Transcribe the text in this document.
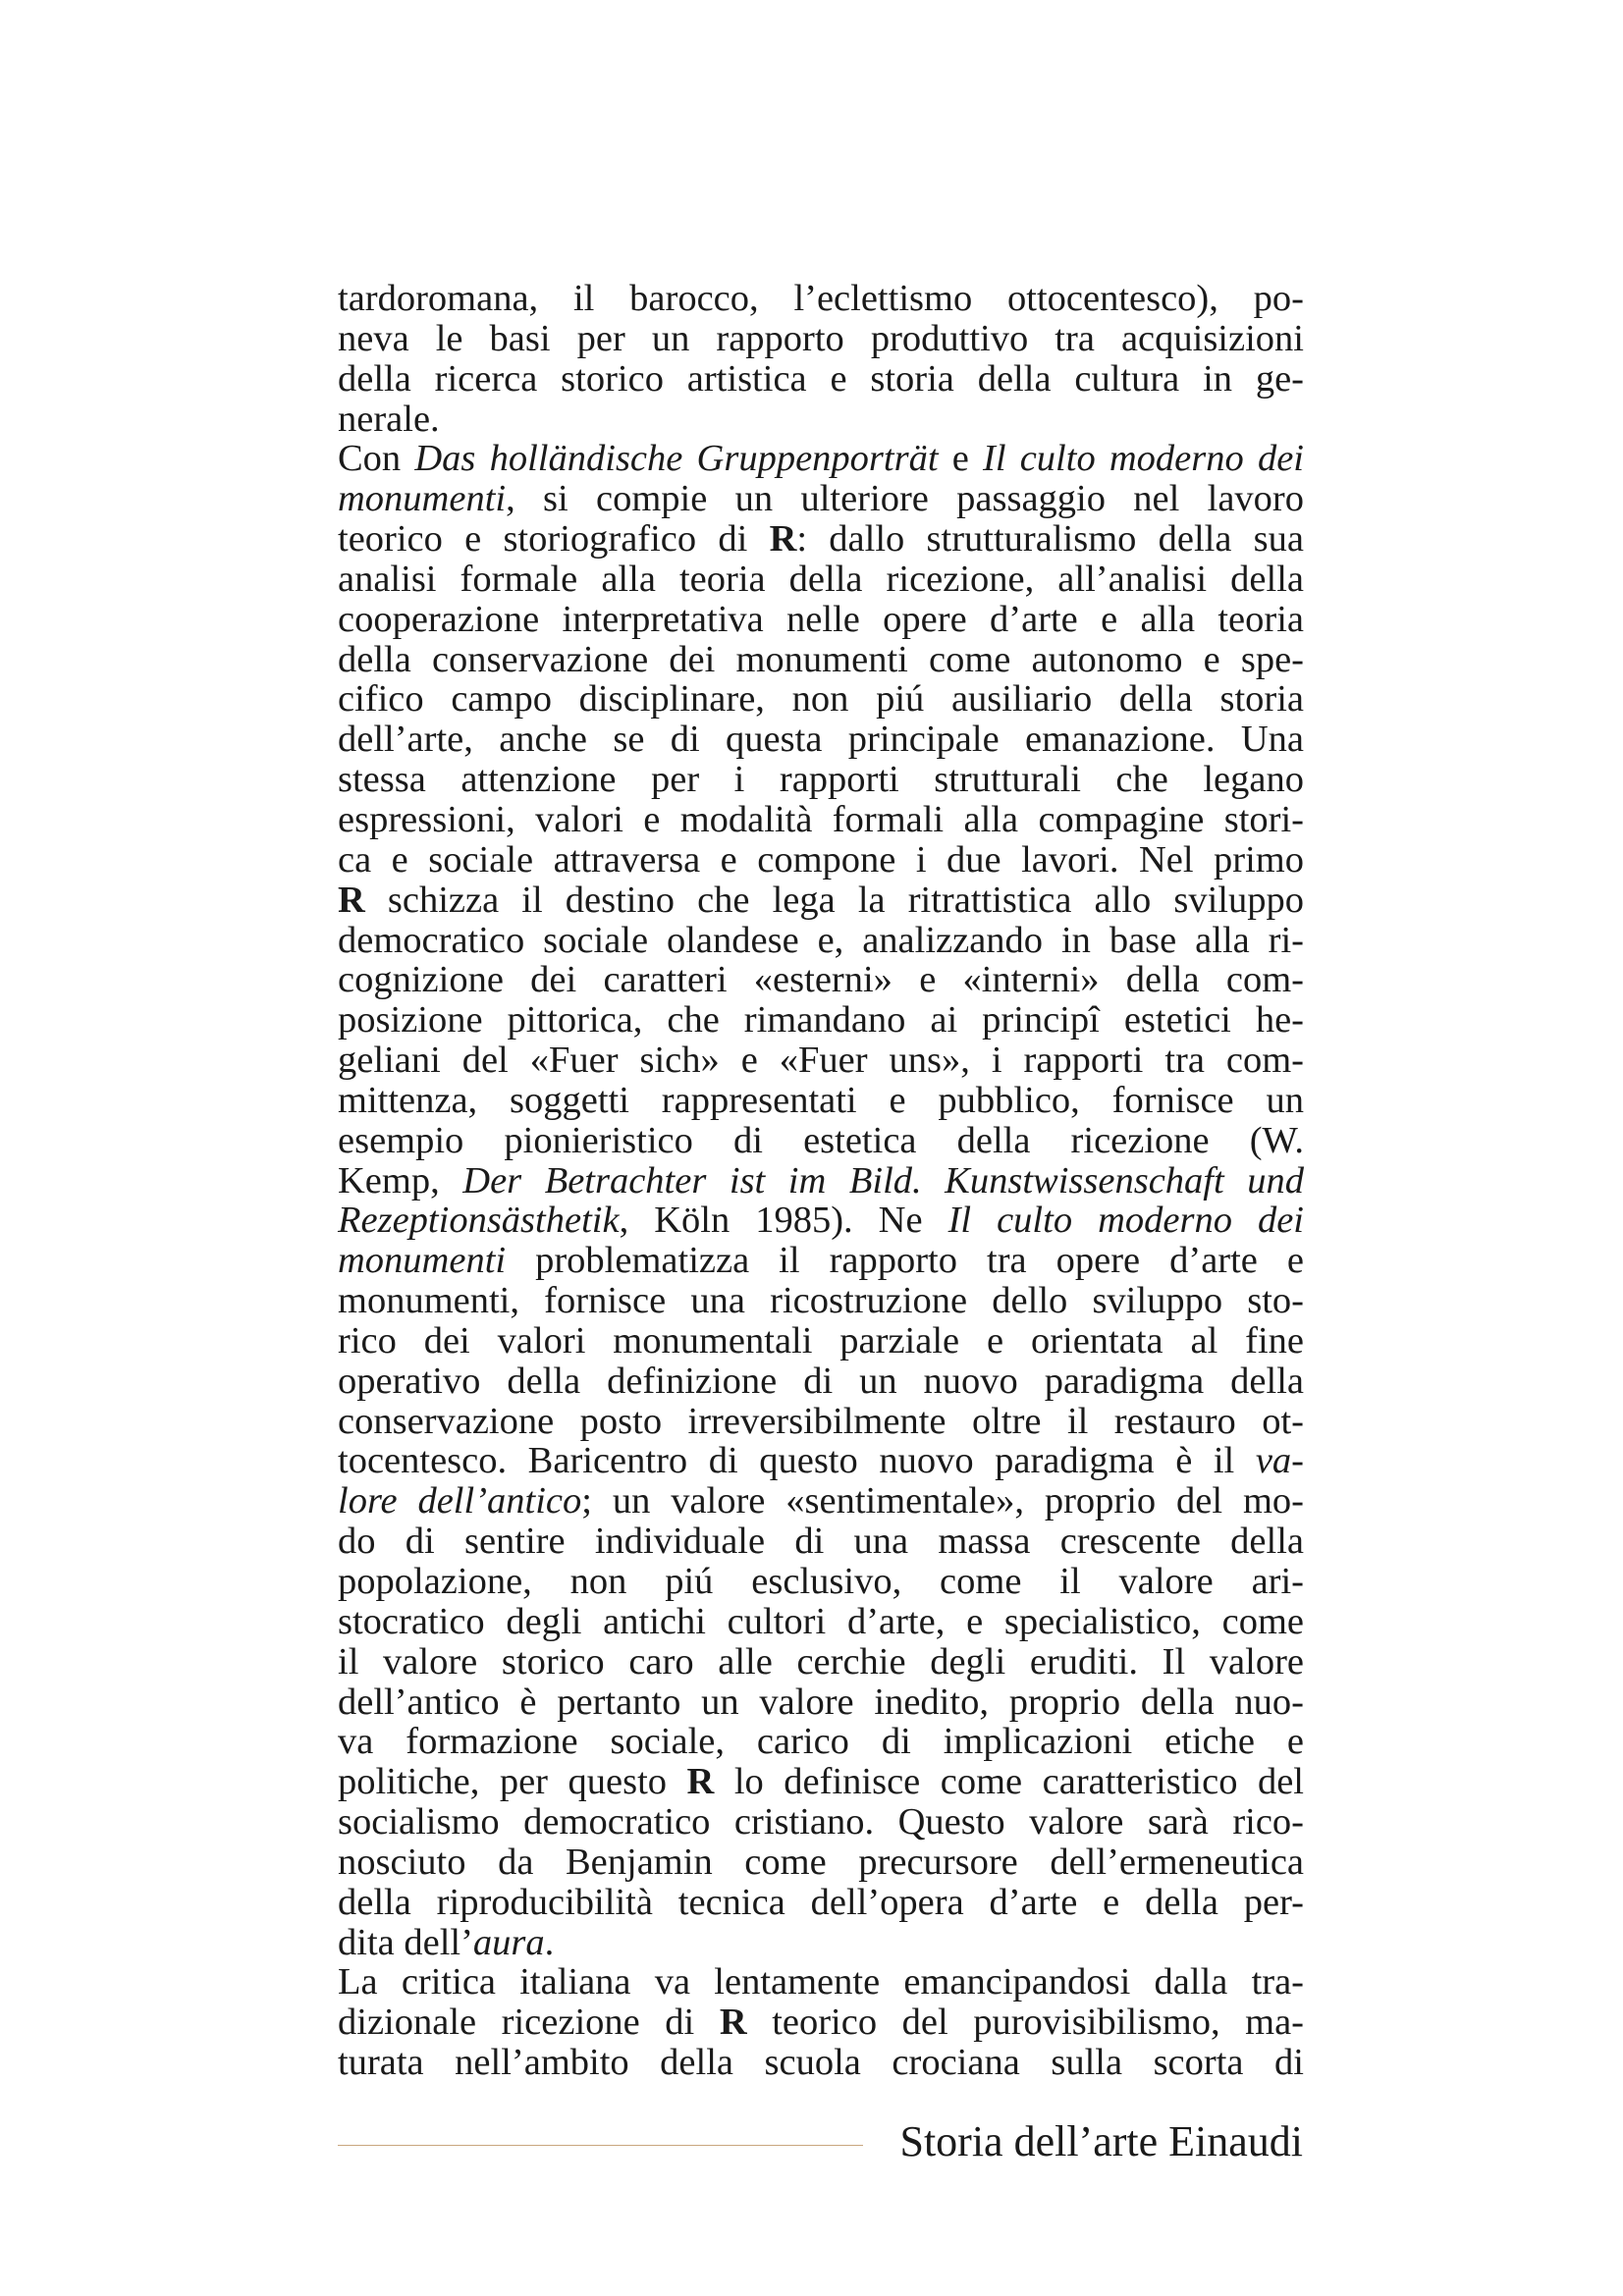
tardoromana, il barocco, l’eclettismo ottocentesco), po-
neva le basi per un rapporto produttivo tra acquisizioni
della ricerca storico artistica e storia della cultura in ge-
nerale.
Con Das holländische Gruppenporträt e Il culto moderno dei
monumenti, si compie un ulteriore passaggio nel lavoro
teorico e storiografico di R: dallo strutturalismo della sua
analisi formale alla teoria della ricezione, all’analisi della
cooperazione interpretativa nelle opere d’arte e alla teoria
della conservazione dei monumenti come autonomo e spe-
cifico campo disciplinare, non piú ausiliario della storia
dell’arte, anche se di questa principale emanazione. Una
stessa attenzione per i rapporti strutturali che legano
espressioni, valori e modalità formali alla compagine stori-
ca e sociale attraversa e compone i due lavori. Nel primo
R schizza il destino che lega la ritrattistica allo sviluppo
democratico sociale olandese e, analizzando in base alla ri-
cognizione dei caratteri «esterni» e «interni» della com-
posizione pittorica, che rimandano ai principî estetici he-
geliani del «Fuer sich» e «Fuer uns», i rapporti tra com-
mittenza, soggetti rappresentati e pubblico, fornisce un
esempio pionieristico di estetica della ricezione (W.
Kemp, Der Betrachter ist im Bild. Kunstwissenschaft und
Rezeptionsästhetik, Köln 1985). Ne Il culto moderno dei
monumenti problematizza il rapporto tra opere d’arte e
monumenti, fornisce una ricostruzione dello sviluppo sto-
rico dei valori monumentali parziale e orientata al fine
operativo della definizione di un nuovo paradigma della
conservazione posto irreversibilmente oltre il restauro ot-
tocentesco. Baricentro di questo nuovo paradigma è il va-
lore dell’antico; un valore «sentimentale», proprio del mo-
do di sentire individuale di una massa crescente della
popolazione, non piú esclusivo, come il valore ari-
stocratico degli antichi cultori d’arte, e specialistico, come
il valore storico caro alle cerchie degli eruditi. Il valore
dell’antico è pertanto un valore inedito, proprio della nuo-
va formazione sociale, carico di implicazioni etiche e
politiche, per questo R lo definisce come caratteristico del
socialismo democratico cristiano. Questo valore sarà rico-
nosciuto da Benjamin come precursore dell’ermeneutica
della riproducibilità tecnica dell’opera d’arte e della per-
dita dell’aura.
La critica italiana va lentamente emancipandosi dalla tra-
dizionale ricezione di R teorico del purovisibilismo, ma-
turata nell’ambito della scuola crociana sulla scorta di
Storia dell’arte Einaudi
